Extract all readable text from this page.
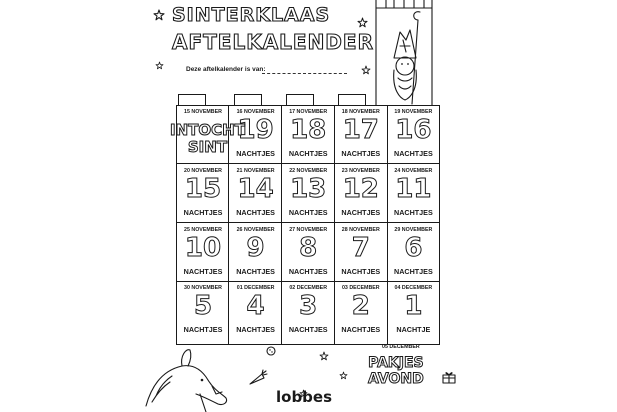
SINTERKLAAS
AFTELKALENDER
Deze aftelkalender is van:
15 NOVEMBER	16 NOVEMBER
19
NACHTJES
17 NOVEMBER
18
NACHTJES
18 NOVEMBER
17
NACHTJES
19 NOVEMBER
16
NACHTJES
20 NOVEMBER
15
NACHTJES
21 NOVEMBER
14
NACHTJES
22 NOVEMBER
13
NACHTJES
23 NOVEMBER
12
NACHTJES
24 NOVEMBER
11
NACHTJES
25 NOVEMBER
10
NACHTJES
26 NOVEMBER
9
NACHTJES
27 NOVEMBER
8
NACHTJES
28 NOVEMBER
7
NACHTJES
29 NOVEMBER
6
NACHTJES
30 NOVEMBER
5
NACHTJES
01 DECEMBER
4
NACHTJES
02 DECEMBER
3
NACHTJES
03 DECEMBER
2
NACHTJES
04 DECEMBER
1
NACHTJE
05 DECEMBER
INTOCHT
SINT
PAKJES
AVOND
lobbes
